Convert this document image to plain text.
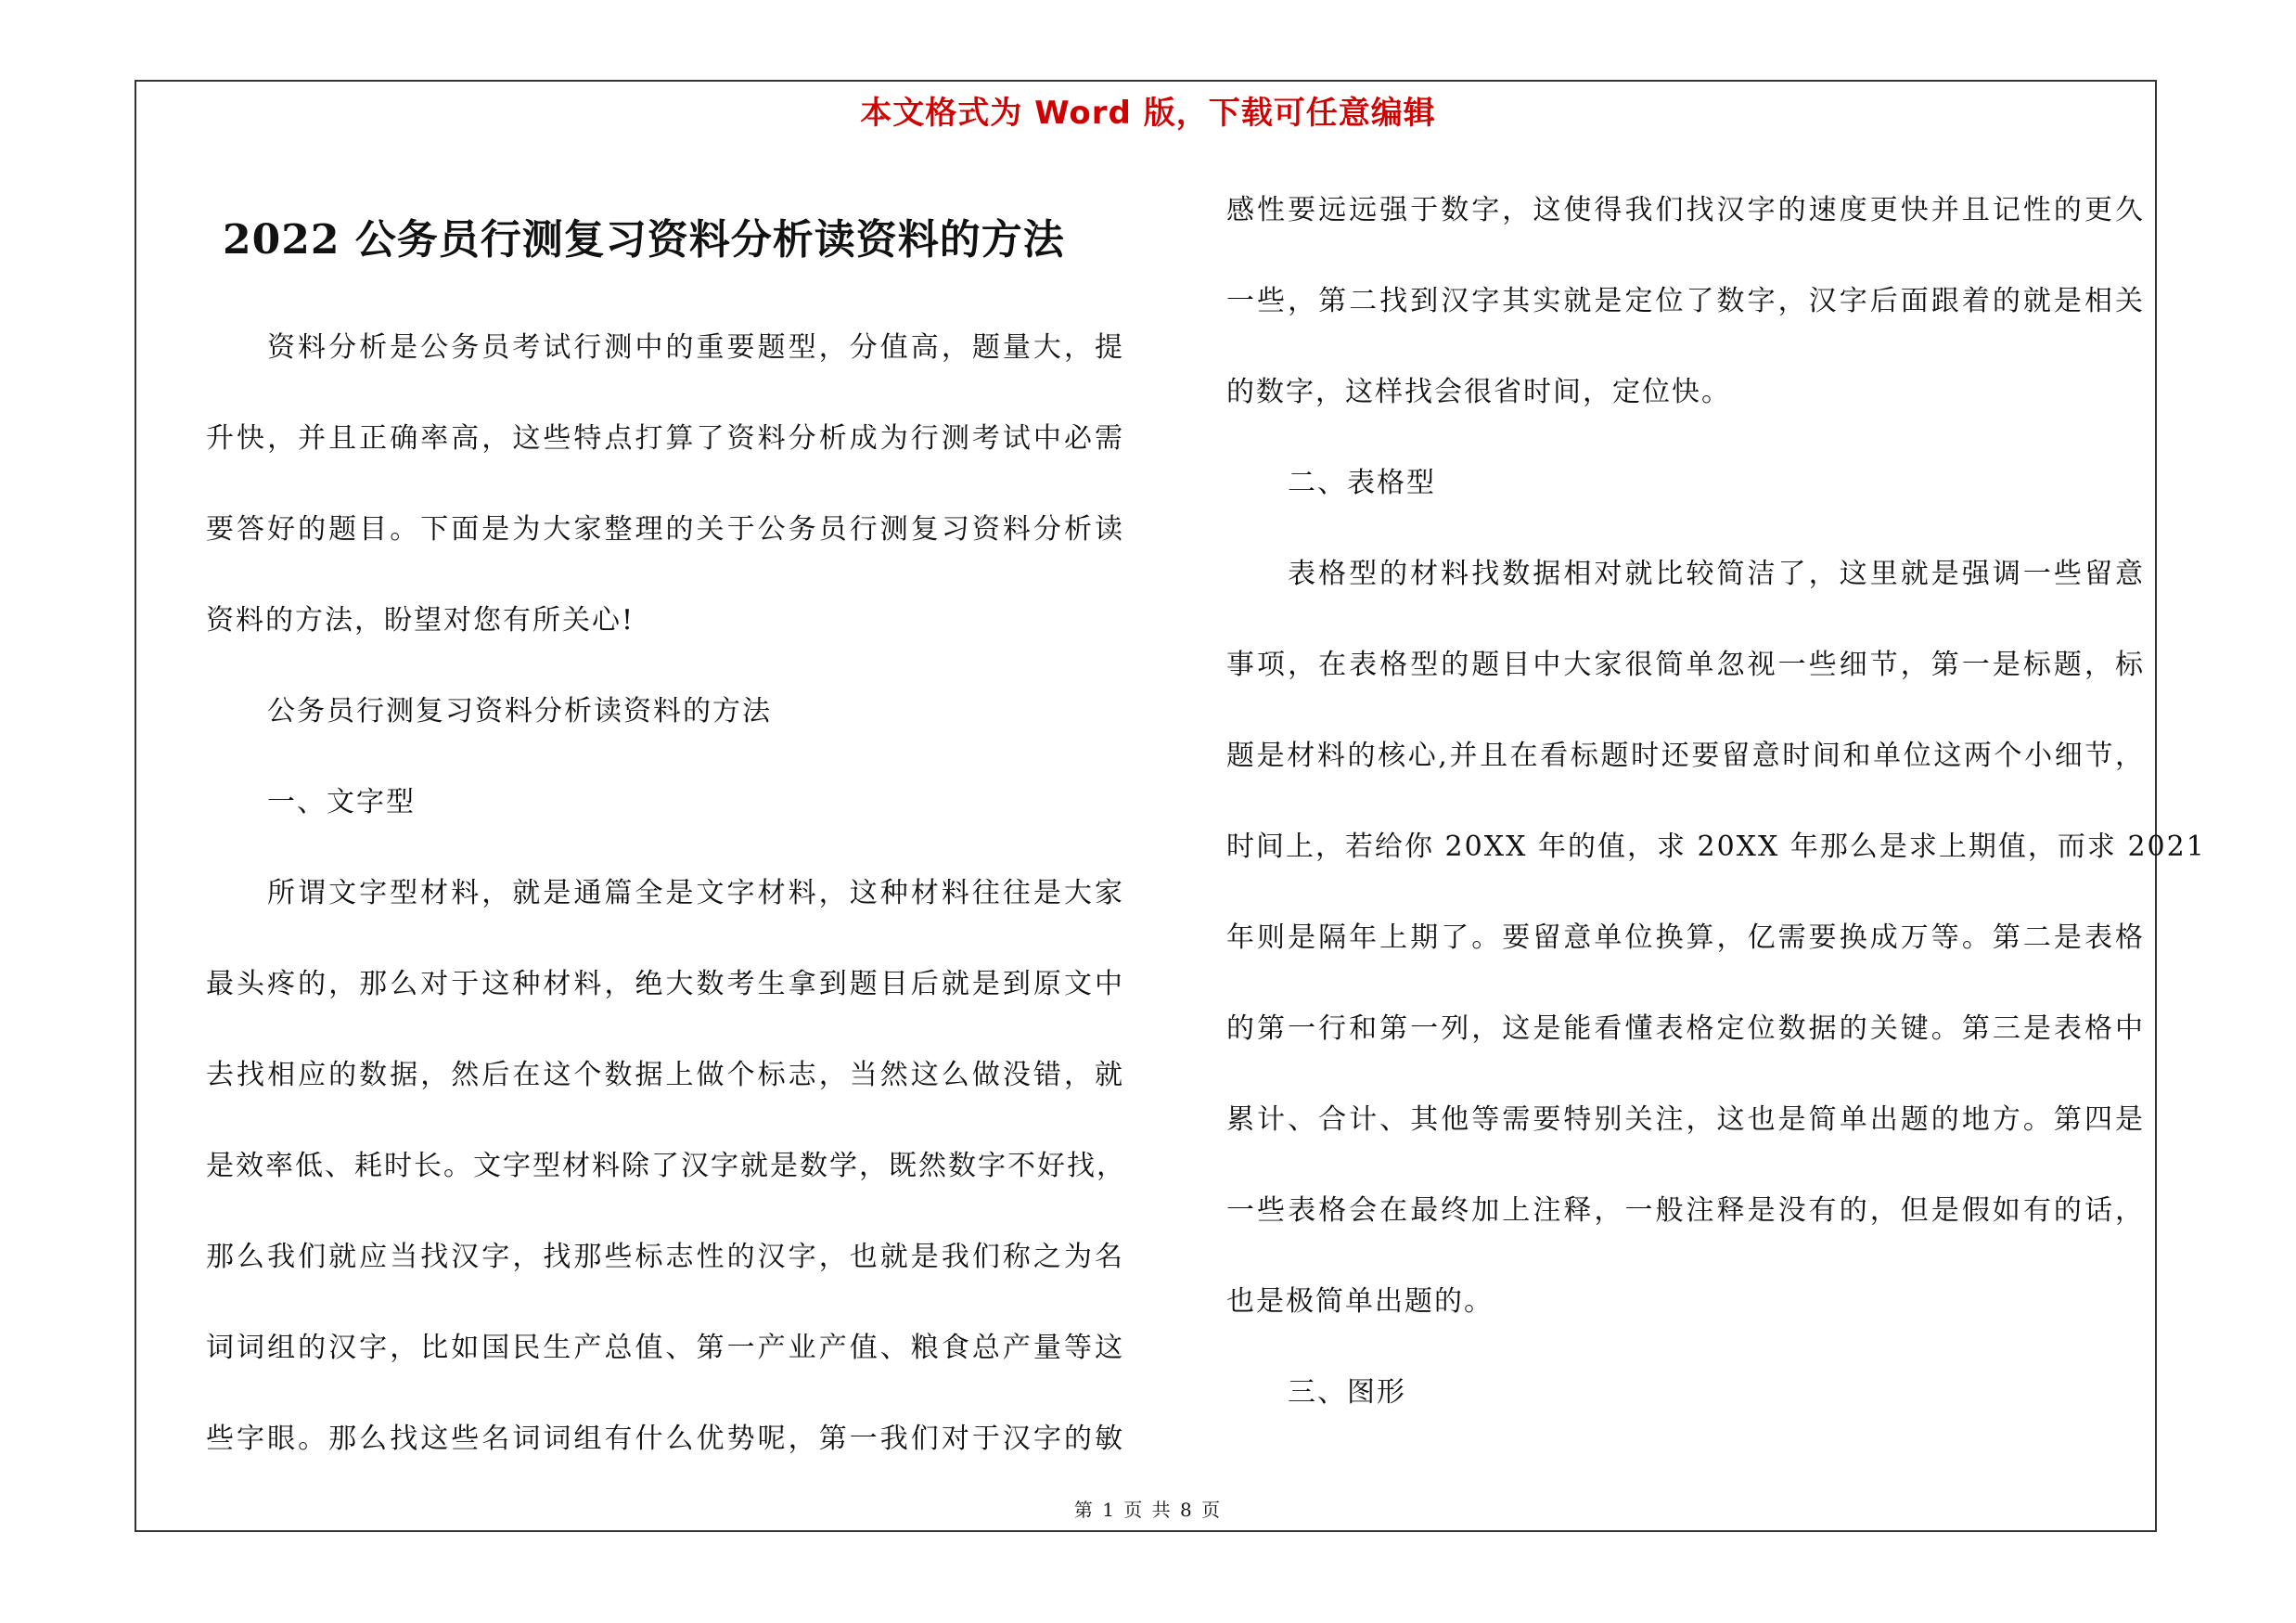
本文格式为 Word 版，下载可任意编辑
2022 公务员行测复习资料分析读资料的方法
资料分析是公务员考试行测中的重要题型，分值高，题量大，提
升快，并且正确率高，这些特点打算了资料分析成为行测考试中必需
要答好的题目。下面是为大家整理的关于公务员行测复习资料分析读
资料的方法，盼望对您有所关心!
公务员行测复习资料分析读资料的方法
一、文字型
所谓文字型材料，就是通篇全是文字材料，这种材料往往是大家
最头疼的，那么对于这种材料，绝大数考生拿到题目后就是到原文中
去找相应的数据，然后在这个数据上做个标志，当然这么做没错，就
是效率低、耗时长。文字型材料除了汉字就是数学，既然数字不好找，
那么我们就应当找汉字，找那些标志性的汉字，也就是我们称之为名
词词组的汉字，比如国民生产总值、第一产业产值、粮食总产量等这
些字眼。那么找这些名词词组有什么优势呢，第一我们对于汉字的敏
感性要远远强于数字，这使得我们找汉字的速度更快并且记性的更久
一些，第二找到汉字其实就是定位了数字，汉字后面跟着的就是相关
的数字，这样找会很省时间，定位快。
二、表格型
表格型的材料找数据相对就比较简洁了，这里就是强调一些留意
事项，在表格型的题目中大家很简单忽视一些细节，第一是标题，标
题是材料的核心,并且在看标题时还要留意时间和单位这两个小细节，
时间上，若给你 20XX 年的值，求 20XX 年那么是求上期值，而求 2021
年则是隔年上期了。要留意单位换算，亿需要换成万等。第二是表格
的第一行和第一列，这是能看懂表格定位数据的关键。第三是表格中
累计、合计、其他等需要特别关注，这也是简单出题的地方。第四是
一些表格会在最终加上注释，一般注释是没有的，但是假如有的话，
也是极简单出题的。
三、图形
第 1 页 共 8 页
